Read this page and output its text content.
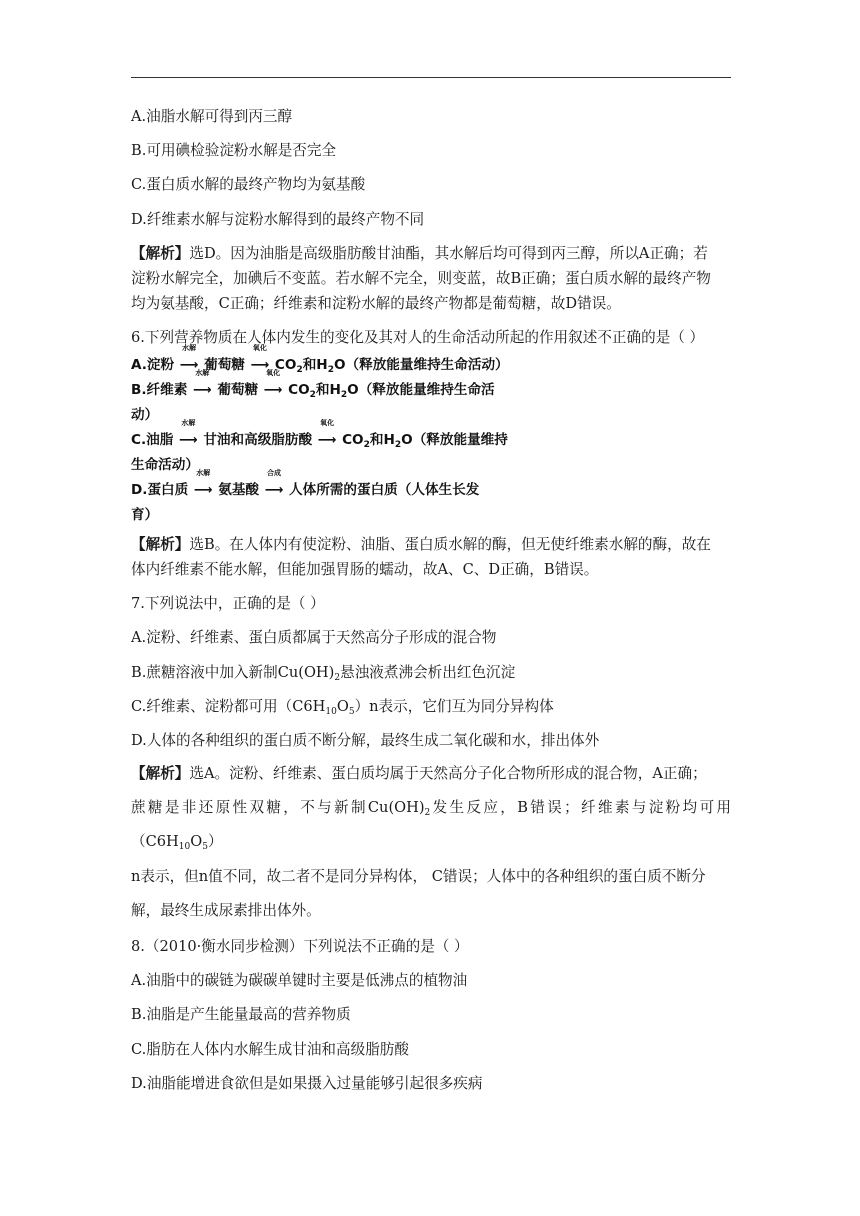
A.油脂水解可得到丙三醇
B.可用碘检验淀粉水解是否完全
C.蛋白质水解的最终产物均为氨基酸
D.纤维素水解与淀粉水解得到的最终产物不同
【解析】选D。因为油脂是高级脂肪酸甘油酯，其水解后均可得到丙三醇，所以A正确；若
淀粉水解完全，加碘后不变蓝。若水解不完全，则变蓝，故B正确；蛋白质水解的最终产物
均为氨基酸，C正确；纤维素和淀粉水解的最终产物都是葡萄糖，故D错误。
6.下列营养物质在人体内发生的变化及其对人的生命活动所起的作用叙述不正确的是（ ）
A.淀粉
水解
⟶ 葡萄糖
氧化
⟶ $CO_2$和$H_2O$（释放能量维持生命活动）
B.纤维素
水解
⟶ 葡萄糖
氧化
⟶ $CO_2$和$H_2O$（释放能量维持生命活
动）
C.油脂
水解
⟶ 甘油和高级脂肪酸
氧化
⟶ $CO_2$和$H_2O$（释放能量维持
生命活动）
D.蛋白质
水解
⟶ 氨基酸
合成
⟶ 人体所需的蛋白质（人体生长发
育）
【解析】选B。在人体内有使淀粉、油脂、蛋白质水解的酶，但无使纤维素水解的酶，故在
体内纤维素不能水解，但能加强胃肠的蠕动，故A、C、D正确，B错误。
7.下列说法中，正确的是（ ）
A.淀粉、纤维素、蛋白质都属于天然高分子形成的混合物
B.蔗糖溶液中加入新制$Cu(OH)_2$悬浊液煮沸会析出红色沉淀
C.纤维素、淀粉都可用$(C6H_{10}O_5)n$表示，它们互为同分异构体
D.人体的各种组织的蛋白质不断分解，最终生成二氧化碳和水，排出体外
【解析】选A。淀粉、纤维素、蛋白质均属于天然高分子化合物所形成的混合物，A正确；
蔗糖是非还原性双糖，不与新制$Cu(OH)_2$发生反应，B错误；纤维素与淀粉均可用$(C6H_{10}O_5)$
n表示，但n值不同，故二者不是同分异构体， C错误；人体中的各种组织的蛋白质不断分
解，最终生成尿素排出体外。
8.（2010·衡水同步检测）下列说法不正确的是（ ）
A.油脂中的碳链为碳碳单键时主要是低沸点的植物油
B.油脂是产生能量最高的营养物质
C.脂肪在人体内水解生成甘油和高级脂肪酸
D.油脂能增进食欲但是如果摄入过量能够引起很多疾病
